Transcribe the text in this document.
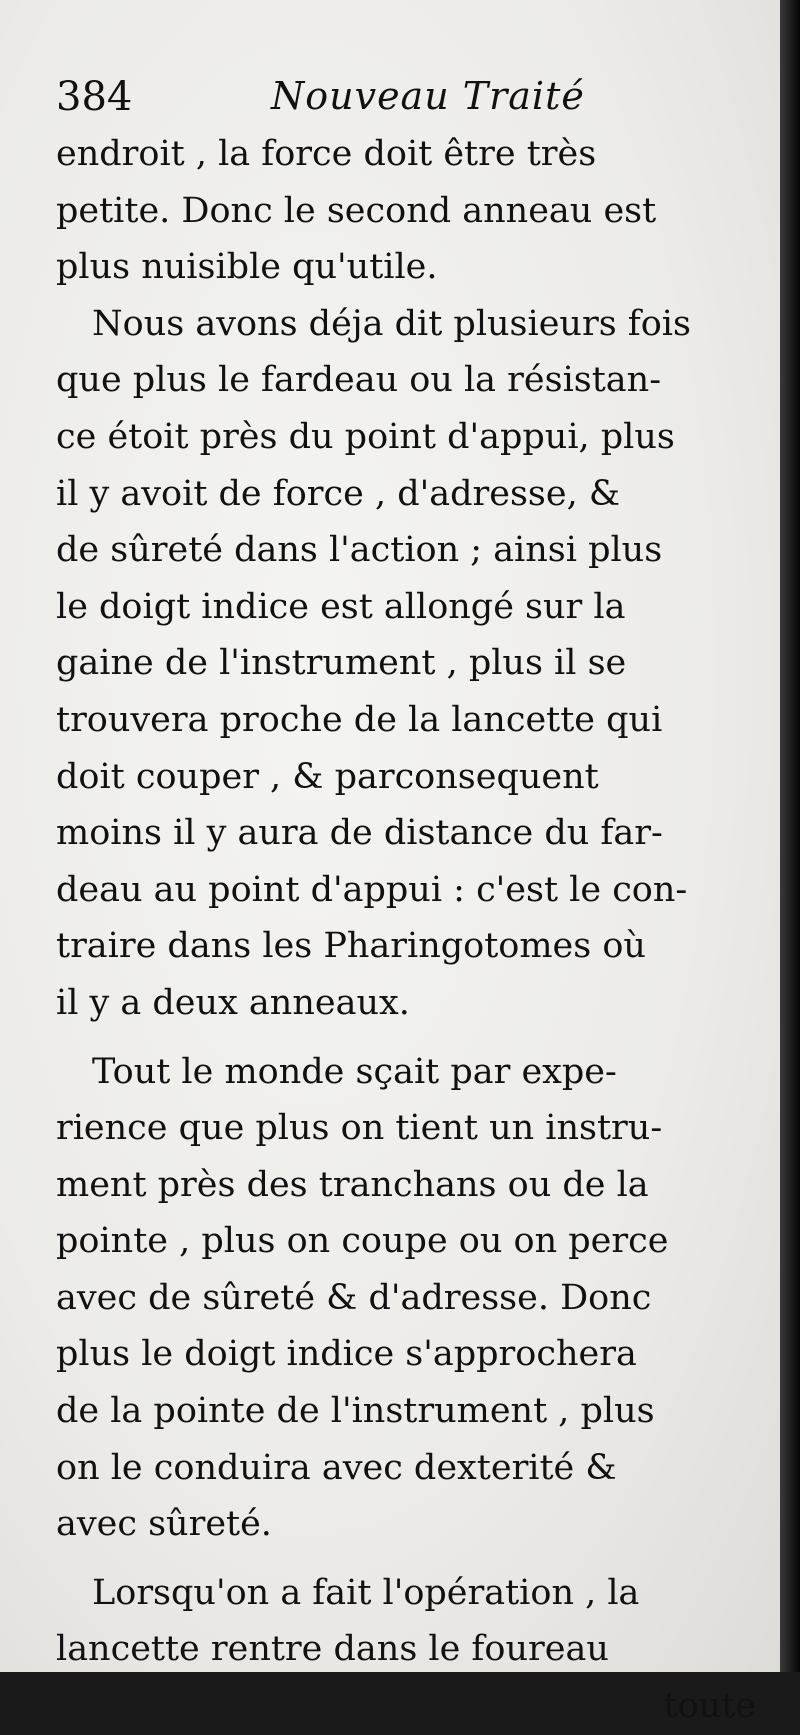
384	Nouveau Traité
endroit , la force doit être très
petite. Donc le second anneau est
plus nuisible qu'utile.
Nous avons déja dit plusieurs fois
que plus le fardeau ou la résistan-
ce étoit près du point d'appui, plus
il y avoit de force , d'adresse, &
de sûreté dans l'action ; ainsi plus
le doigt indice est allongé sur la
gaine de l'instrument , plus il se
trouvera proche de la lancette qui
doit couper , & parconsequent
moins il y aura de distance du far-
deau au point d'appui : c'est le con-
traire dans les Pharingotomes où
il y a deux anneaux.
Tout le monde sçait par expe-
rience que plus on tient un instru-
ment près des tranchans ou de la
pointe , plus on coupe ou on perce
avec de sûreté & d'adresse. Donc
plus le doigt indice s'approchera
de la pointe de l'instrument , plus
on le conduira avec dexterité &
avec sûreté.
Lorsqu'on a fait l'opération , la
lancette rentre dans le foureau
toute
